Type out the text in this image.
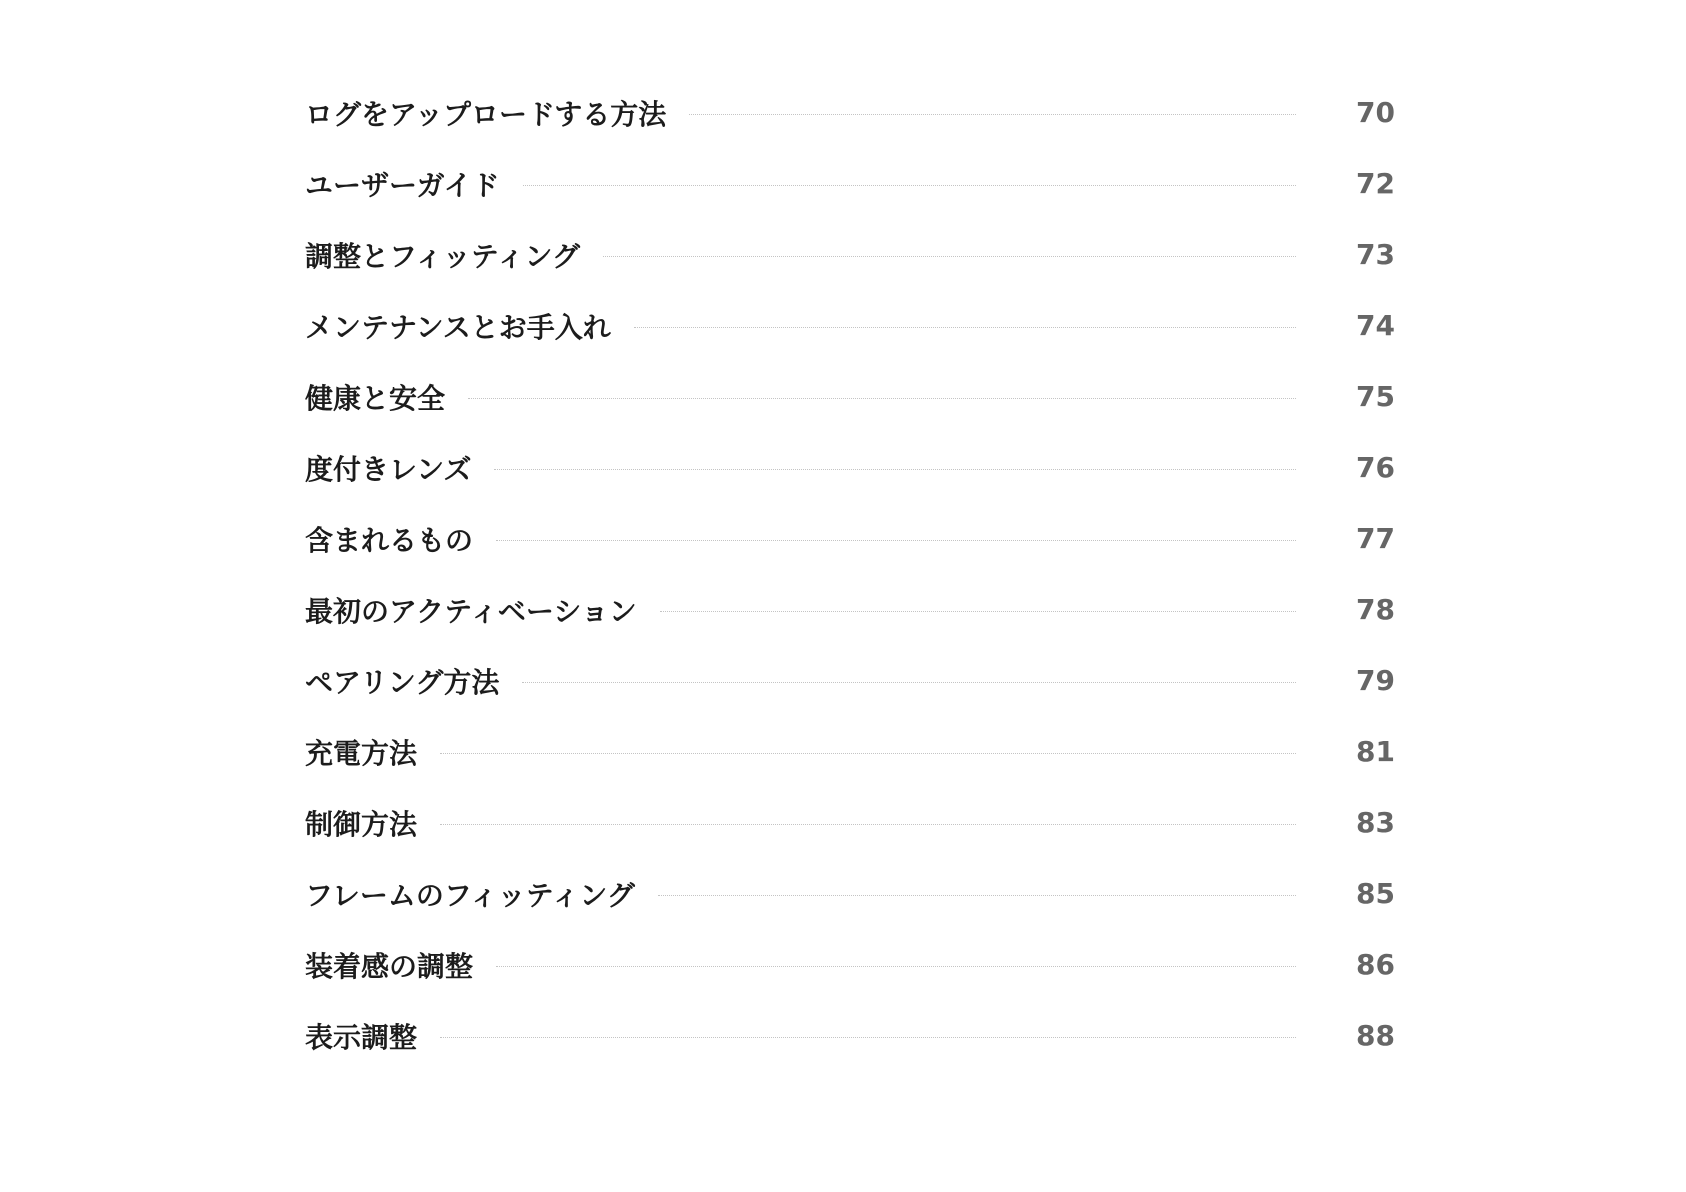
ログをアップロードする方法	70
ユーザーガイド	72
調整とフィッティング	73
メンテナンスとお手入れ	74
健康と安全	75
度付きレンズ	76
含まれるもの	77
最初のアクティベーション	78
ペアリング方法	79
充電方法	81
制御方法	83
フレームのフィッティング	85
装着感の調整	86
表示調整	88
